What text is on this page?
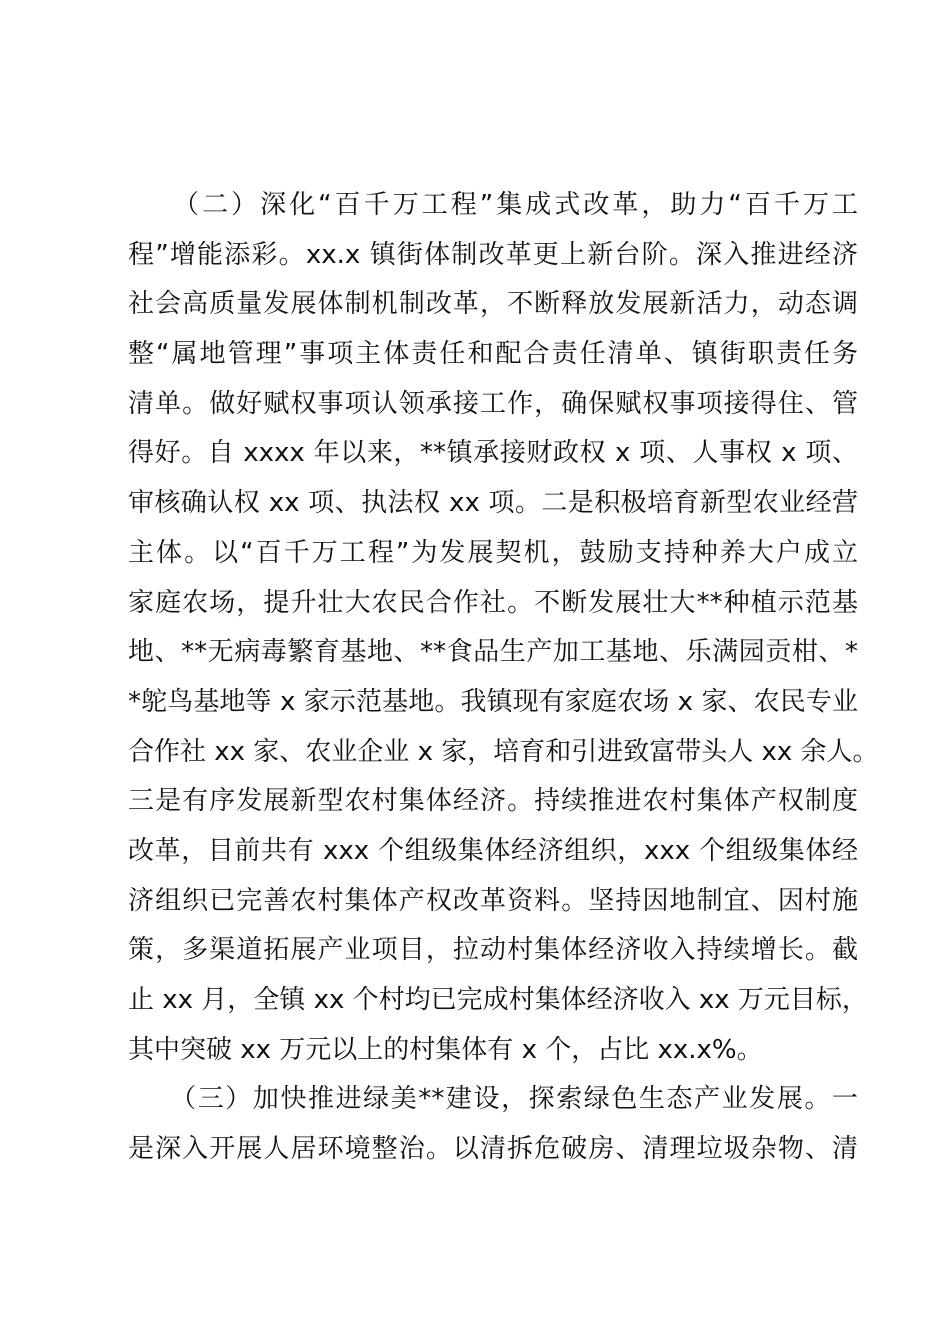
　　（二）深化“百千万工程”集成式改革，助力“百千万工
程”增能添彩。xx.x 镇街体制改革更上新台阶。深入推进经济
社会高质量发展体制机制改革，不断释放发展新活力，动态调
整“属地管理”事项主体责任和配合责任清单、镇街职责任务
清单。做好赋权事项认领承接工作，确保赋权事项接得住、管
得好。自 xxxx 年以来，**镇承接财政权 x 项、人事权 x 项、
审核确认权 xx 项、执法权 xx 项。二是积极培育新型农业经营
主体。以“百千万工程”为发展契机，鼓励支持种养大户成立
家庭农场，提升壮大农民合作社。不断发展壮大**种植示范基
地、**无病毒繁育基地、**食品生产加工基地、乐满园贡柑、*
*鸵鸟基地等 x 家示范基地。我镇现有家庭农场 x 家、农民专业
合作社 xx 家、农业企业 x 家，培育和引进致富带头人 xx 余人。
三是有序发展新型农村集体经济。持续推进农村集体产权制度
改革，目前共有 xxx 个组级集体经济组织，xxx 个组级集体经
济组织已完善农村集体产权改革资料。坚持因地制宜、因村施
策，多渠道拓展产业项目，拉动村集体经济收入持续增长。截
止 xx 月，全镇 xx 个村均已完成村集体经济收入 xx 万元目标，
其中突破 xx 万元以上的村集体有 x 个，占比 xx.x%。
　　（三）加快推进绿美**建设，探索绿色生态产业发展。一
是深入开展人居环境整治。以清拆危破房、清理垃圾杂物、清
